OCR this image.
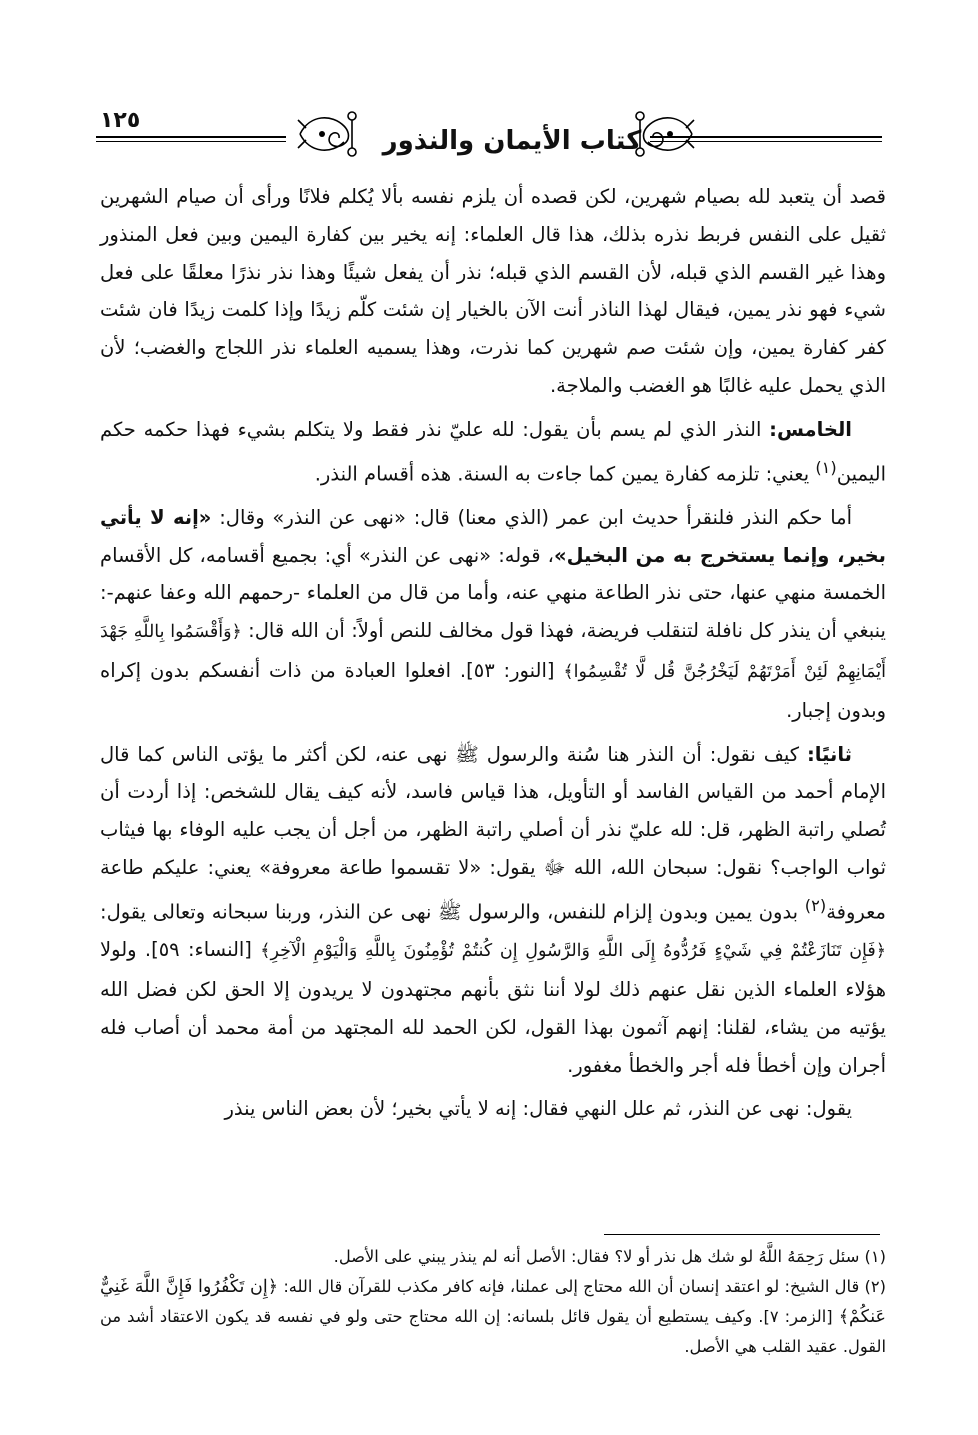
١٢٥
كتاب الأيمان والنذور

قصد أن يتعبد لله بصيام شهرين، لكن قصده أن يلزم نفسه بألا يُكلم فلانًا ورأى أن صيام الشهرين ثقيل على النفس فربط نذره بذلك، هذا قال العلماء: إنه يخير بين كفارة اليمين وبين فعل المنذور وهذا غير القسم الذي قبله، لأن القسم الذي قبله؛ نذر أن يفعل شيئًا وهذا نذر نذرًا معلقًا على فعل شيء فهو نذر يمين، فيقال لهذا الناذر أنت الآن بالخيار إن شئت كلّم زيدًا وإذا كلمت زيدًا فان شئت كفر كفارة يمين، وإن شئت صم شهرين كما نذرت، وهذا يسميه العلماء نذر اللجاج والغضب؛ لأن الذي يحمل عليه غالبًا هو الغضب والملاجة.

الخامس: النذر الذي لم يسم بأن يقول: لله عليّ نذر فقط ولا يتكلم بشيء فهذا حكمه حكم اليمين$^{(١)}$ يعني: تلزمه كفارة يمين كما جاءت به السنة. هذه أقسام النذر.

أما حكم النذر فلنقرأ حديث ابن عمر (الذي معنا) قال: «نهى عن النذر» وقال: «إنه لا يأتي بخير، وإنما يستخرج به من البخيل»، قوله: «نهى عن النذر» أي: بجميع أقسامه، كل الأقسام الخمسة منهي عنها، حتى نذر الطاعة منهي عنه، وأما من قال من العلماء -رحمهم الله وعفا عنهم-: ينبغي أن ينذر كل نافلة لتنقلب فريضة، فهذا قول مخالف للنص أولاً: أن الله قال: ﴿وَأَقْسَمُوا بِاللَّهِ جَهْدَ أَيْمَانِهِمْ لَئِنْ أَمَرْتَهُمْ لَيَخْرُجُنَّ قُل لَّا تُقْسِمُوا﴾ [النور: ٥٣]. افعلوا العبادة من ذات أنفسكم بدون إكراه وبدون إجبار.

ثانيًا: كيف نقول: أن النذر هنا سُنة والرسول ﷺ نهى عنه، لكن أكثر ما يؤتى الناس كما قال الإمام أحمد من القياس الفاسد أو التأويل، هذا قياس فاسد، لأنه كيف يقال للشخص: إذا أردت أن تُصلي راتبة الظهر، قل: لله عليّ نذر أن أصلي راتبة الظهر، من أجل أن يجب عليه الوفاء بها فيثاب ثواب الواجب؟ نقول: سبحان الله، الله ﷻ يقول: «لا تقسموا طاعة معروفة» يعني: عليكم طاعة معروفة$^{(٢)}$ بدون يمين وبدون إلزام للنفس، والرسول ﷺ نهى عن النذر، وربنا سبحانه وتعالى يقول: ﴿فَإِن تَنَازَعْتُمْ فِي شَيْءٍ فَرُدُّوهُ إِلَى اللَّهِ وَالرَّسُولِ إِن كُنتُمْ تُؤْمِنُونَ بِاللَّهِ وَالْيَوْمِ الْآخِرِ﴾ [النساء: ٥٩]. ولولا هؤلاء العلماء الذين نقل عنهم ذلك لولا أننا نثق بأنهم مجتهدون لا يريدون إلا الحق لكن فضل الله يؤتيه من يشاء، لقلنا: إنهم آثمون بهذا القول، لكن الحمد لله المجتهد من أمة محمد أن أصاب فله أجران وإن أخطأ فله أجر والخطأ مغفور.

يقول: نهى عن النذر، ثم علل النهي فقال: إنه لا يأتي بخير؛ لأن بعض الناس ينذر

(١) سئل رَحِمَهُ اللَّهُ لو شك هل نذر أو لا؟ فقال: الأصل أنه لم ينذر يبني على الأصل.

(٢) قال الشيخ: لو اعتقد إنسان أن الله محتاج إلى عملنا، فإنه كافر مكذب للقرآن قال الله: ﴿إِن تَكْفُرُوا فَإِنَّ اللَّهَ غَنِيٌّ عَنكُمْ﴾ [الزمر: ٧]. وكيف يستطيع أن يقول قائل بلسانه: إن الله محتاج حتى ولو في نفسه قد يكون الاعتقاد أشد من القول. عقيد القلب هي الأصل.
